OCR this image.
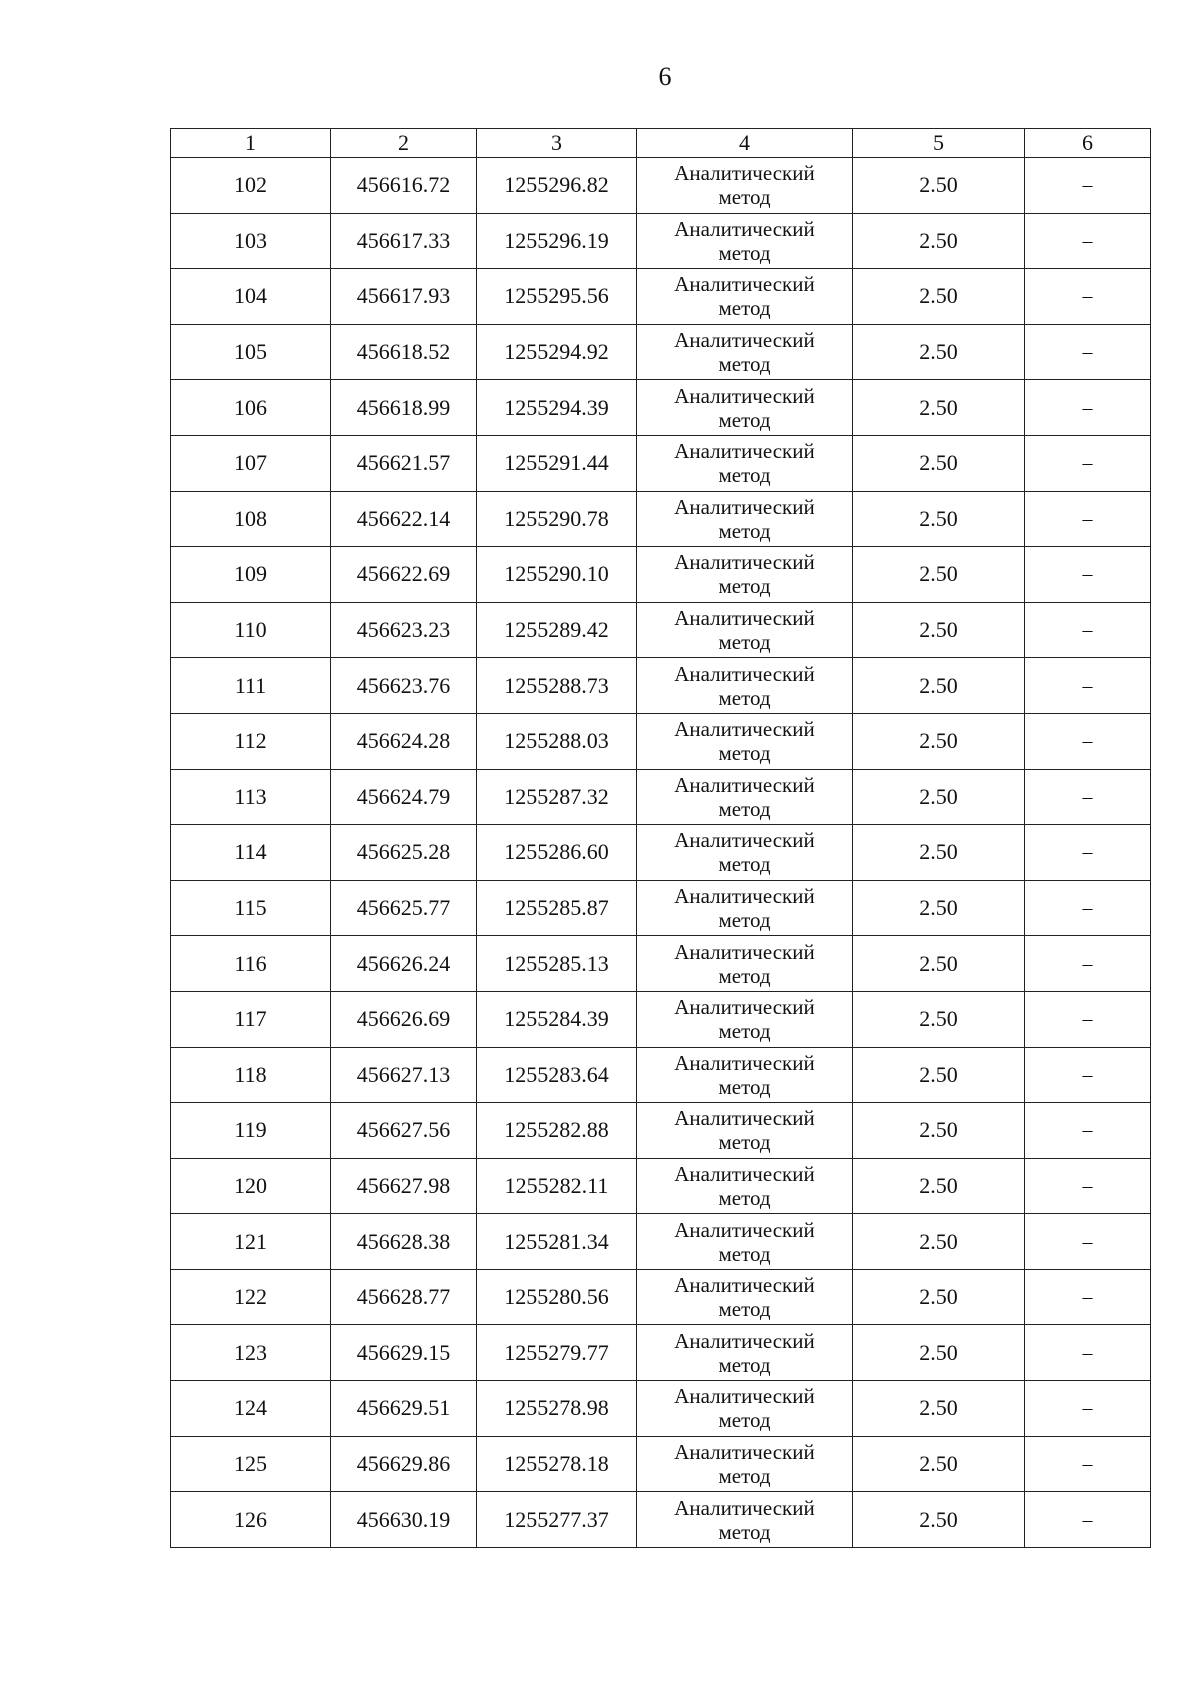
6
1	2	3	4	5	6
102	456616.72	1255296.82	Аналитический
метод	2.50	–
103	456617.33	1255296.19	Аналитический
метод	2.50	–
104	456617.93	1255295.56	Аналитический
метод	2.50	–
105	456618.52	1255294.92	Аналитический
метод	2.50	–
106	456618.99	1255294.39	Аналитический
метод	2.50	–
107	456621.57	1255291.44	Аналитический
метод	2.50	–
108	456622.14	1255290.78	Аналитический
метод	2.50	–
109	456622.69	1255290.10	Аналитический
метод	2.50	–
110	456623.23	1255289.42	Аналитический
метод	2.50	–
111	456623.76	1255288.73	Аналитический
метод	2.50	–
112	456624.28	1255288.03	Аналитический
метод	2.50	–
113	456624.79	1255287.32	Аналитический
метод	2.50	–
114	456625.28	1255286.60	Аналитический
метод	2.50	–
115	456625.77	1255285.87	Аналитический
метод	2.50	–
116	456626.24	1255285.13	Аналитический
метод	2.50	–
117	456626.69	1255284.39	Аналитический
метод	2.50	–
118	456627.13	1255283.64	Аналитический
метод	2.50	–
119	456627.56	1255282.88	Аналитический
метод	2.50	–
120	456627.98	1255282.11	Аналитический
метод	2.50	–
121	456628.38	1255281.34	Аналитический
метод	2.50	–
122	456628.77	1255280.56	Аналитический
метод	2.50	–
123	456629.15	1255279.77	Аналитический
метод	2.50	–
124	456629.51	1255278.98	Аналитический
метод	2.50	–
125	456629.86	1255278.18	Аналитический
метод	2.50	–
126	456630.19	1255277.37	Аналитический
метод	2.50	–
